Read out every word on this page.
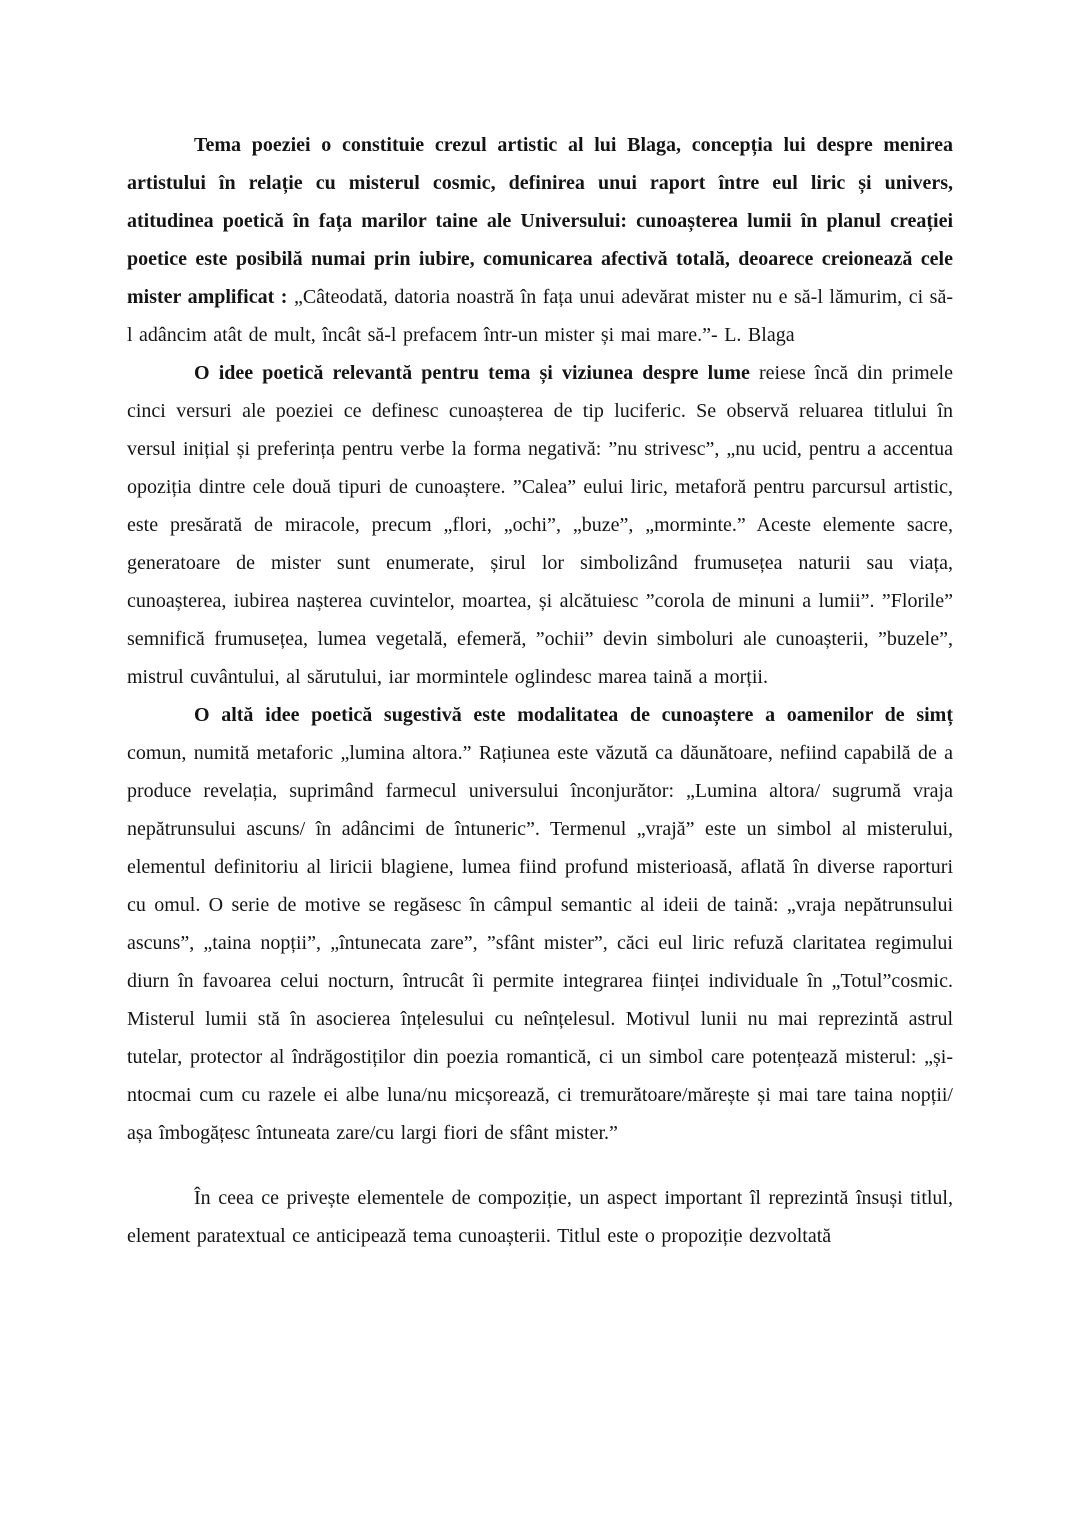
Tema poeziei o constituie crezul artistic al lui Blaga, concepția lui despre menirea artistului în relație cu misterul cosmic, definirea unui raport între eul liric și univers, atitudinea poetică în fața marilor taine ale Universului: cunoașterea lumii în planul creației poetice este posibilă numai prin iubire, comunicarea afectivă totală, deoarece creionează cele mister amplificat : „Câteodată, datoria noastră în fața unui adevărat mister nu e să-l lămurim, ci să-l adâncim atât de mult, încât să-l prefacem într-un mister și mai mare.”- L. Blaga

O idee poetică relevantă pentru tema și viziunea despre lume reiese încă din primele cinci versuri ale poeziei ce definesc cunoașterea de tip luciferic. Se observă reluarea titlului în versul inițial și preferința pentru verbe la forma negativă: ”nu strivesc”, „nu ucid, pentru a accentua opoziția dintre cele două tipuri de cunoaștere. ”Calea” eului liric, metaforă pentru parcursul artistic, este presărată de miracole, precum „flori, „ochi”, „buze”, „morminte.” Aceste elemente sacre, generatoare de mister sunt enumerate, șirul lor simbolizând frumusețea naturii sau viața, cunoașterea, iubirea nașterea cuvintelor, moartea, și alcătuiesc ”corola de minuni a lumii”. ”Florile” semnifică frumusețea, lumea vegetală, efemeră, ”ochii” devin simboluri ale cunoașterii, ”buzele”, mistrul cuvântului, al sărutului, iar mormintele oglindesc marea taină a morții.

O altă idee poetică sugestivă este modalitatea de cunoaștere a oamenilor de simț comun, numită metaforic „lumina altora.” Rațiunea este văzută ca dăunătoare, nefiind capabilă de a produce revelația, suprimând farmecul universului înconjurător: „Lumina altora/ sugrumă vraja nepătrunsului ascuns/ în adâncimi de întuneric”. Termenul „vrajă” este un simbol al misterului, elementul definitoriu al liricii blagiene, lumea fiind profund misterioasă, aflată în diverse raporturi cu omul. O serie de motive se regăsesc în câmpul semantic al ideii de taină: „vraja nepătrunsului ascuns”, „taina nopții”, „întunecata zare”, ”sfânt mister”, căci eul liric refuză claritatea regimului diurn în favoarea celui nocturn, întrucât îi permite integrarea ființei individuale în „Totul”cosmic. Misterul lumii stă în asocierea înțelesului cu neînțelesul. Motivul lunii nu mai reprezintă astrul tutelar, protector al îndrăgostiților din poezia romantică, ci un simbol care potențează misterul: „și-ntocmai cum cu razele ei albe luna/nu micșorează, ci tremurătoare/mărește și mai tare taina nopții/ așa îmbogățesc întuneata zare/cu largi fiori de sfânt mister.”

În ceea ce privește elementele de compoziție, un aspect important îl reprezintă însuși titlul, element paratextual ce anticipează tema cunoașterii. Titlul este o propoziție dezvoltată
